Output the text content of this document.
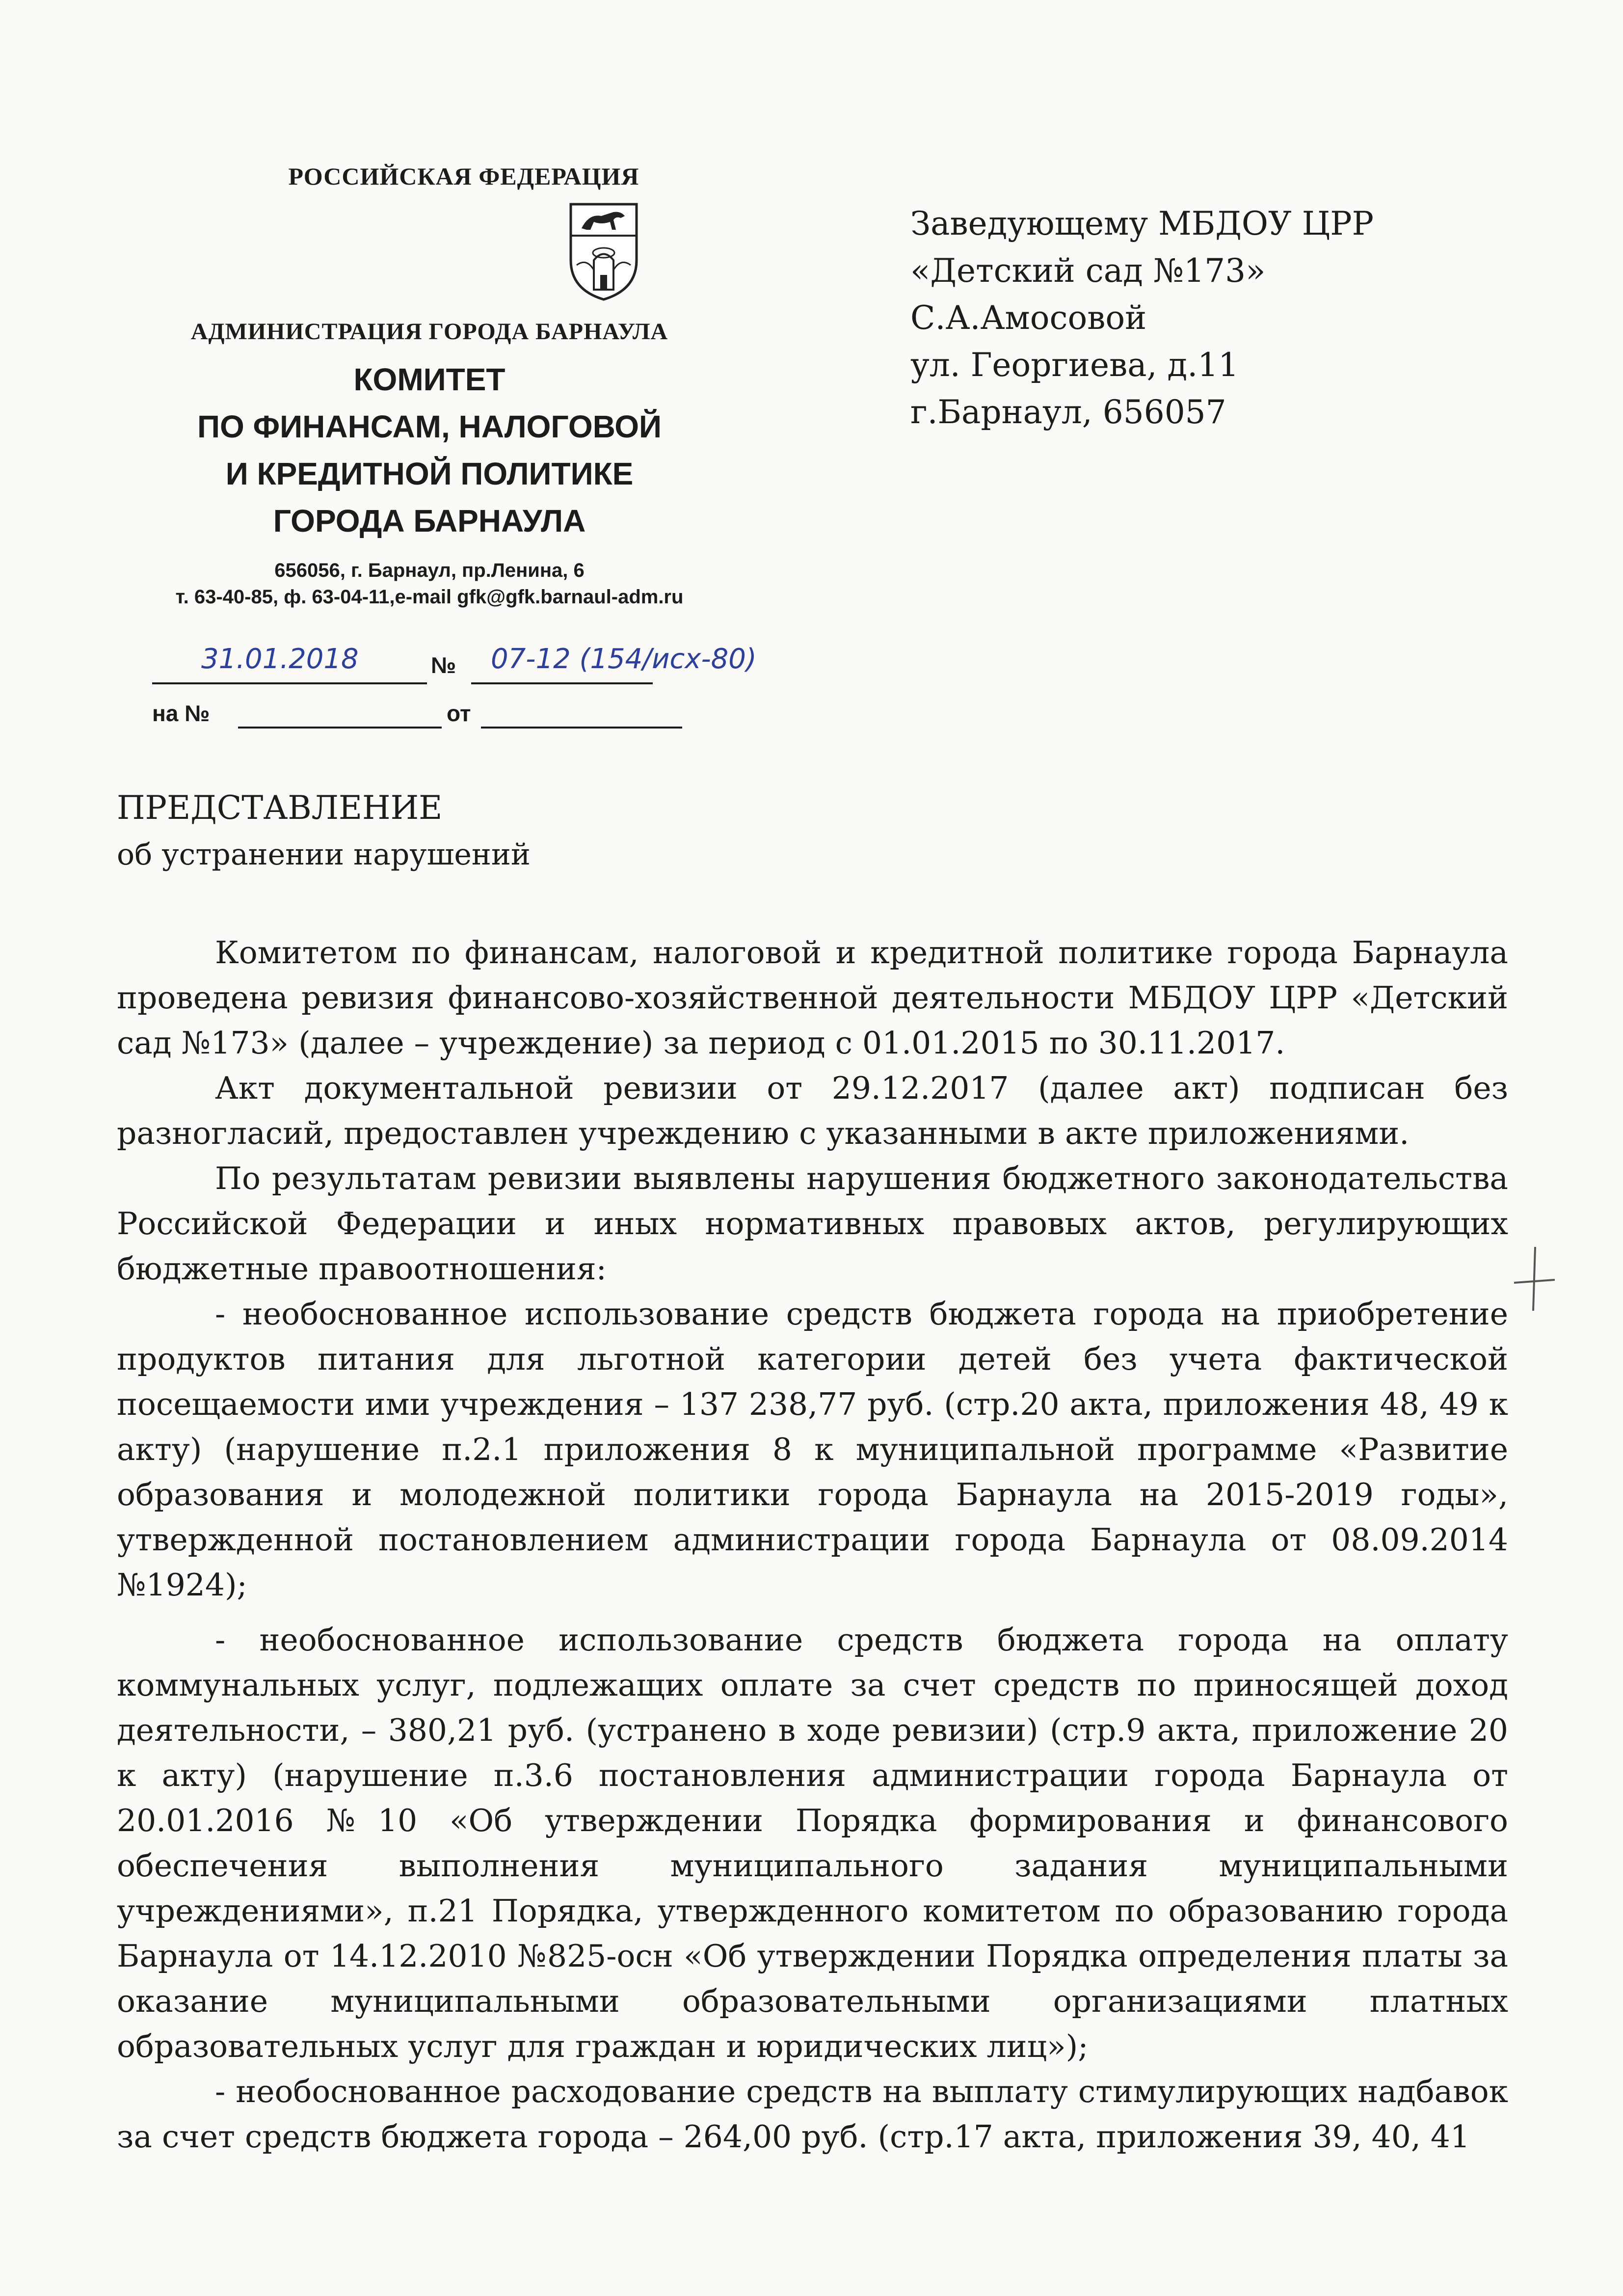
РОССИЙСКАЯ ФЕДЕРАЦИЯ
АДМИНИСТРАЦИЯ ГОРОДА БАРНАУЛА
КОМИТЕТ
ПО ФИНАНСАМ, НАЛОГОВОЙ
И КРЕДИТНОЙ ПОЛИТИКЕ
ГОРОДА БАРНАУЛА
656056, г. Барнаул, пр.Ленина, 6
т. 63-40-85, ф. 63-04-11,e-mail gfk@gfk.barnaul-adm.ru
31.01.2018	№ 07-12 (154/исх-80)
на №	от
Заведующему МБДОУ ЦРР
«Детский сад №173»
С.А.Амосовой
ул. Георгиева, д.11
г.Барнаул, 656057
ПРЕДСТАВЛЕНИЕ
об устранении нарушений

Комитетом по финансам, налоговой и кредитной политике города Барнаула проведена ревизия финансово-хозяйственной деятельности МБДОУ ЦРР «Детский сад №173» (далее – учреждение) за период с 01.01.2015 по 30.11.2017.

Акт документальной ревизии от 29.12.2017 (далее акт) подписан без разногласий, предоставлен учреждению с указанными в акте приложениями.

По результатам ревизии выявлены нарушения бюджетного законодательства Российской Федерации и иных нормативных правовых актов, регулирующих бюджетные правоотношения:

- необоснованное использование средств бюджета города на приобретение продуктов питания для льготной категории детей без учета фактической посещаемости ими учреждения – 137 238,77 руб. (стр.20 акта, приложения 48, 49 к акту) (нарушение п.2.1 приложения 8 к муниципальной программе «Развитие образования и молодежной политики города Барнаула на 2015-2019 годы», утвержденной постановлением администрации города Барнаула от 08.09.2014 №1924);

- необоснованное использование средств бюджета города на оплату коммунальных услуг, подлежащих оплате за счет средств по приносящей доход деятельности, – 380,21 руб. (устранено в ходе ревизии) (стр.9 акта, приложение 20 к акту) (нарушение п.3.6 постановления администрации города Барнаула от 20.01.2016 №10 «Об утверждении Порядка формирования и финансового обеспечения выполнения муниципального задания муниципальными учреждениями», п.21 Порядка, утвержденного комитетом по образованию города Барнаула от 14.12.2010 №825-осн «Об утверждении Порядка определения платы за оказание муниципальными образовательными организациями платных образовательных услуг для граждан и юридических лиц»);

- необоснованное расходование средств на выплату стимулирующих надбавок за счет средств бюджета города – 264,00 руб. (стр.17 акта, приложения 39, 40, 41
